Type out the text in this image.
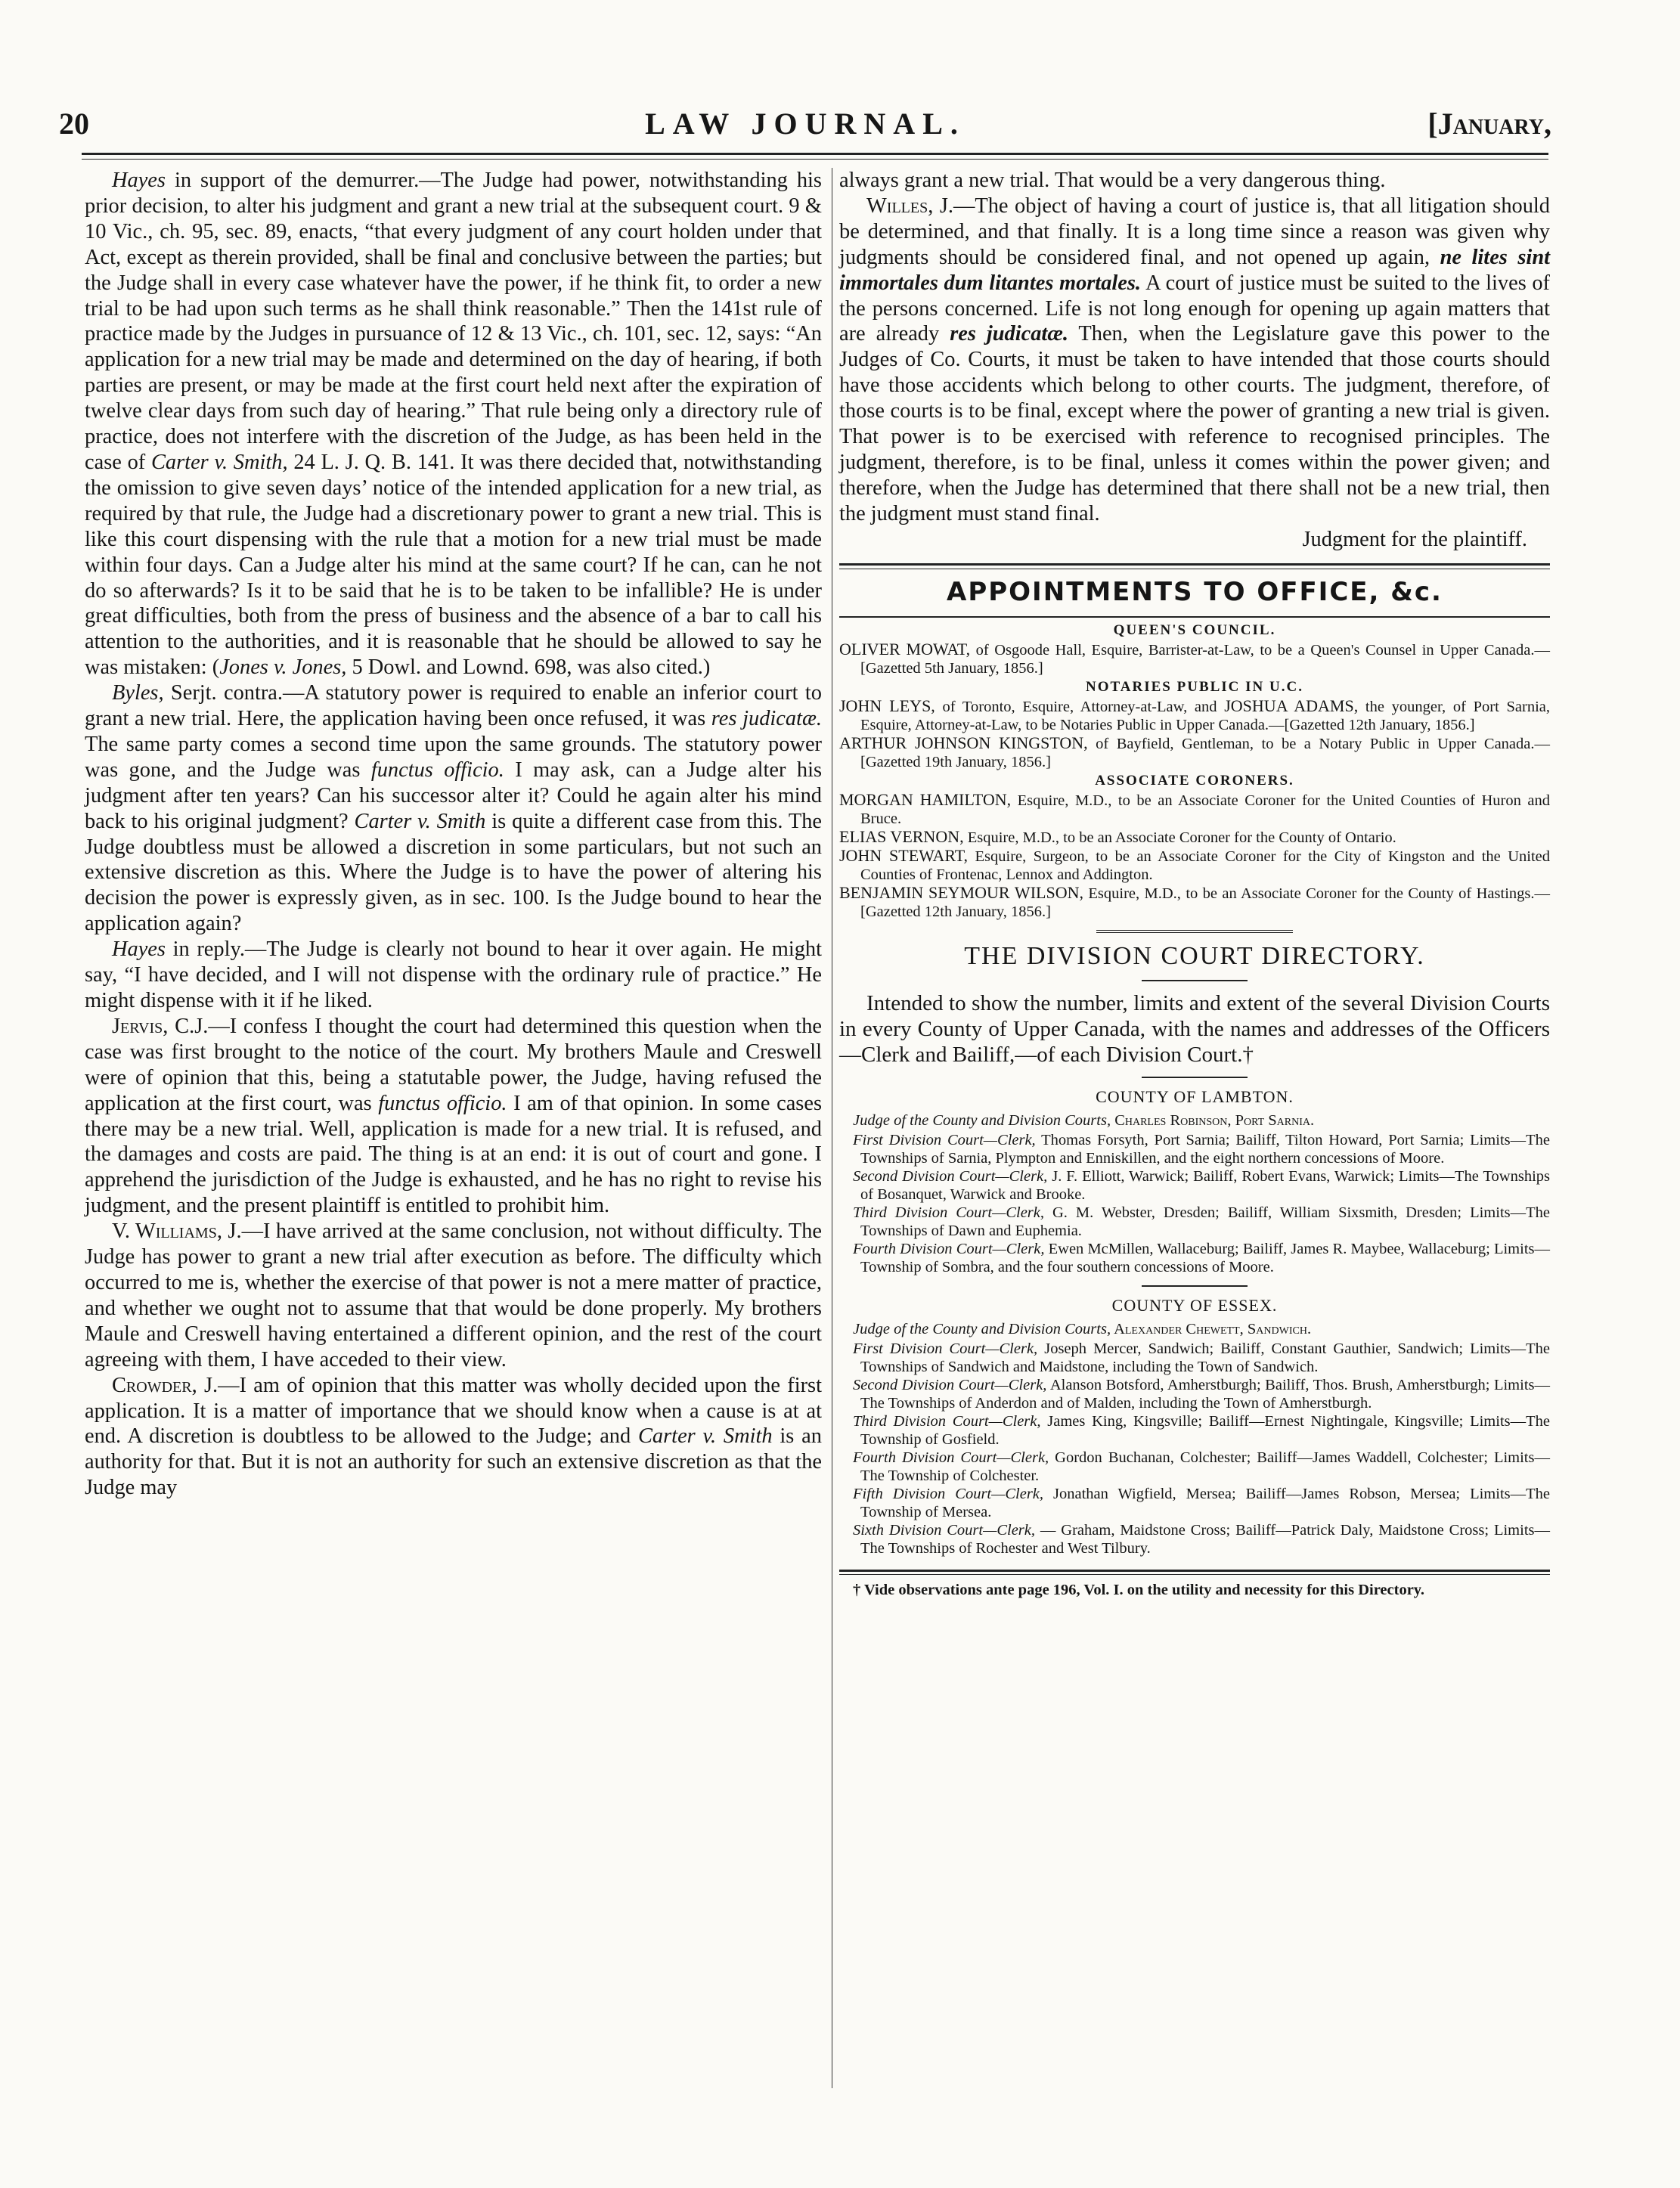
20	LAW JOURNAL.	[January,

Hayes in support of the demurrer.—The Judge had power, notwithstanding his prior decision, to alter his judgment and grant a new trial at the subsequent court. 9 & 10 Vic., ch. 95, sec. 89, enacts, “that every judgment of any court holden under that Act, except as therein provided, shall be final and conclusive between the parties; but the Judge shall in every case whatever have the power, if he think fit, to order a new trial to be had upon such terms as he shall think reasonable.” Then the 141st rule of practice made by the Judges in pursuance of 12 & 13 Vic., ch. 101, sec. 12, says: “An application for a new trial may be made and determined on the day of hearing, if both parties are present, or may be made at the first court held next after the expiration of twelve clear days from such day of hearing.” That rule being only a directory rule of practice, does not interfere with the discretion of the Judge, as has been held in the case of Carter v. Smith, 24 L. J. Q. B. 141. It was there decided that, notwithstanding the omission to give seven days’ notice of the intended application for a new trial, as required by that rule, the Judge had a discretionary power to grant a new trial. This is like this court dispensing with the rule that a motion for a new trial must be made within four days. Can a Judge alter his mind at the same court? If he can, can he not do so afterwards? Is it to be said that he is to be taken to be infallible? He is under great difficulties, both from the press of business and the absence of a bar to call his attention to the authorities, and it is reasonable that he should be allowed to say he was mistaken: (Jones v. Jones, 5 Dowl. and Lownd. 698, was also cited.)

Byles, Serjt. contra.—A statutory power is required to enable an inferior court to grant a new trial. Here, the application having been once refused, it was res judicatæ. The same party comes a second time upon the same grounds. The statutory power was gone, and the Judge was functus officio. I may ask, can a Judge alter his judgment after ten years? Can his successor alter it? Could he again alter his mind back to his original judgment? Carter v. Smith is quite a different case from this. The Judge doubtless must be allowed a discretion in some particulars, but not such an extensive discretion as this. Where the Judge is to have the power of altering his decision the power is expressly given, as in sec. 100. Is the Judge bound to hear the application again?

Hayes in reply.—The Judge is clearly not bound to hear it over again. He might say, “I have decided, and I will not dispense with the ordinary rule of practice.” He might dispense with it if he liked.

Jervis, C.J.—I confess I thought the court had determined this question when the case was first brought to the notice of the court. My brothers Maule and Creswell were of opinion that this, being a statutable power, the Judge, having refused the application at the first court, was functus officio. I am of that opinion. In some cases there may be a new trial. Well, application is made for a new trial. It is refused, and the damages and costs are paid. The thing is at an end: it is out of court and gone. I apprehend the jurisdiction of the Judge is exhausted, and he has no right to revise his judgment, and the present plaintiff is entitled to prohibit him.

V. Williams, J.—I have arrived at the same conclusion, not without difficulty. The Judge has power to grant a new trial after execution as before. The difficulty which occurred to me is, whether the exercise of that power is not a mere matter of practice, and whether we ought not to assume that that would be done properly. My brothers Maule and Creswell having entertained a different opinion, and the rest of the court agreeing with them, I have acceded to their view.

Crowder, J.—I am of opinion that this matter was wholly decided upon the first application. It is a matter of importance that we should know when a cause is at at end. A discretion is doubtless to be allowed to the Judge; and Carter v. Smith is an authority for that. But it is not an authority for such an extensive discretion as that the Judge may

always grant a new trial. That would be a very dangerous thing.

Willes, J.—The object of having a court of justice is, that all litigation should be determined, and that finally. It is a long time since a reason was given why judgments should be considered final, and not opened up again, ne lites sint immortales dum litantes mortales. A court of justice must be suited to the lives of the persons concerned. Life is not long enough for opening up again matters that are already res judicatæ. Then, when the Legislature gave this power to the Judges of Co. Courts, it must be taken to have intended that those courts should have those accidents which belong to other courts. The judgment, therefore, of those courts is to be final, except where the power of granting a new trial is given. That power is to be exercised with reference to recognised principles. The judgment, therefore, is to be final, unless it comes within the power given; and therefore, when the Judge has determined that there shall not be a new trial, then the judgment must stand final.

Judgment for the plaintiff.

APPOINTMENTS TO OFFICE, &c.
QUEEN'S COUNCIL.

OLIVER MOWAT, of Osgoode Hall, Esquire, Barrister-at-Law, to be a Queen's Counsel in Upper Canada.—[Gazetted 5th January, 1856.]

NOTARIES PUBLIC IN U.C.

JOHN LEYS, of Toronto, Esquire, Attorney-at-Law, and JOSHUA ADAMS, the younger, of Port Sarnia, Esquire, Attorney-at-Law, to be Notaries Public in Upper Canada.—[Gazetted 12th January, 1856.]

ARTHUR JOHNSON KINGSTON, of Bayfield, Gentleman, to be a Notary Public in Upper Canada.—[Gazetted 19th January, 1856.]

ASSOCIATE CORONERS.

MORGAN HAMILTON, Esquire, M.D., to be an Associate Coroner for the United Counties of Huron and Bruce.

ELIAS VERNON, Esquire, M.D., to be an Associate Coroner for the County of Ontario.

JOHN STEWART, Esquire, Surgeon, to be an Associate Coroner for the City of Kingston and the United Counties of Frontenac, Lennox and Addington.

BENJAMIN SEYMOUR WILSON, Esquire, M.D., to be an Associate Coroner for the County of Hastings.—[Gazetted 12th January, 1856.]

THE DIVISION COURT DIRECTORY.

Intended to show the number, limits and extent of the several Division Courts in every County of Upper Canada, with the names and addresses of the Officers—Clerk and Bailiff,—of each Division Court.†

COUNTY OF LAMBTON.

Judge of the County and Division Courts, Charles Robinson, Port Sarnia.

First Division Court—Clerk, Thomas Forsyth, Port Sarnia; Bailiff, Tilton Howard, Port Sarnia; Limits—The Townships of Sarnia, Plympton and Enniskillen, and the eight northern concessions of Moore.

Second Division Court—Clerk, J. F. Elliott, Warwick; Bailiff, Robert Evans, Warwick; Limits—The Townships of Bosanquet, Warwick and Brooke.

Third Division Court—Clerk, G. M. Webster, Dresden; Bailiff, William Sixsmith, Dresden; Limits—The Townships of Dawn and Euphemia.

Fourth Division Court—Clerk, Ewen McMillen, Wallaceburg; Bailiff, James R. Maybee, Wallaceburg; Limits—Township of Sombra, and the four southern concessions of Moore.

COUNTY OF ESSEX.

Judge of the County and Division Courts, Alexander Chewett, Sandwich.

First Division Court—Clerk, Joseph Mercer, Sandwich; Bailiff, Constant Gauthier, Sandwich; Limits—The Townships of Sandwich and Maidstone, including the Town of Sandwich.

Second Division Court—Clerk, Alanson Botsford, Amherstburgh; Bailiff, Thos. Brush, Amherstburgh; Limits—The Townships of Anderdon and of Malden, including the Town of Amherstburgh.

Third Division Court—Clerk, James King, Kingsville; Bailiff—Ernest Nightingale, Kingsville; Limits—The Township of Gosfield.

Fourth Division Court—Clerk, Gordon Buchanan, Colchester; Bailiff—James Waddell, Colchester; Limits—The Township of Colchester.

Fifth Division Court—Clerk, Jonathan Wigfield, Mersea; Bailiff—James Robson, Mersea; Limits—The Township of Mersea.

Sixth Division Court—Clerk, — Graham, Maidstone Cross; Bailiff—Patrick Daly, Maidstone Cross; Limits—The Townships of Rochester and West Tilbury.

† Vide observations ante page 196, Vol. I. on the utility and necessity for this Directory.
